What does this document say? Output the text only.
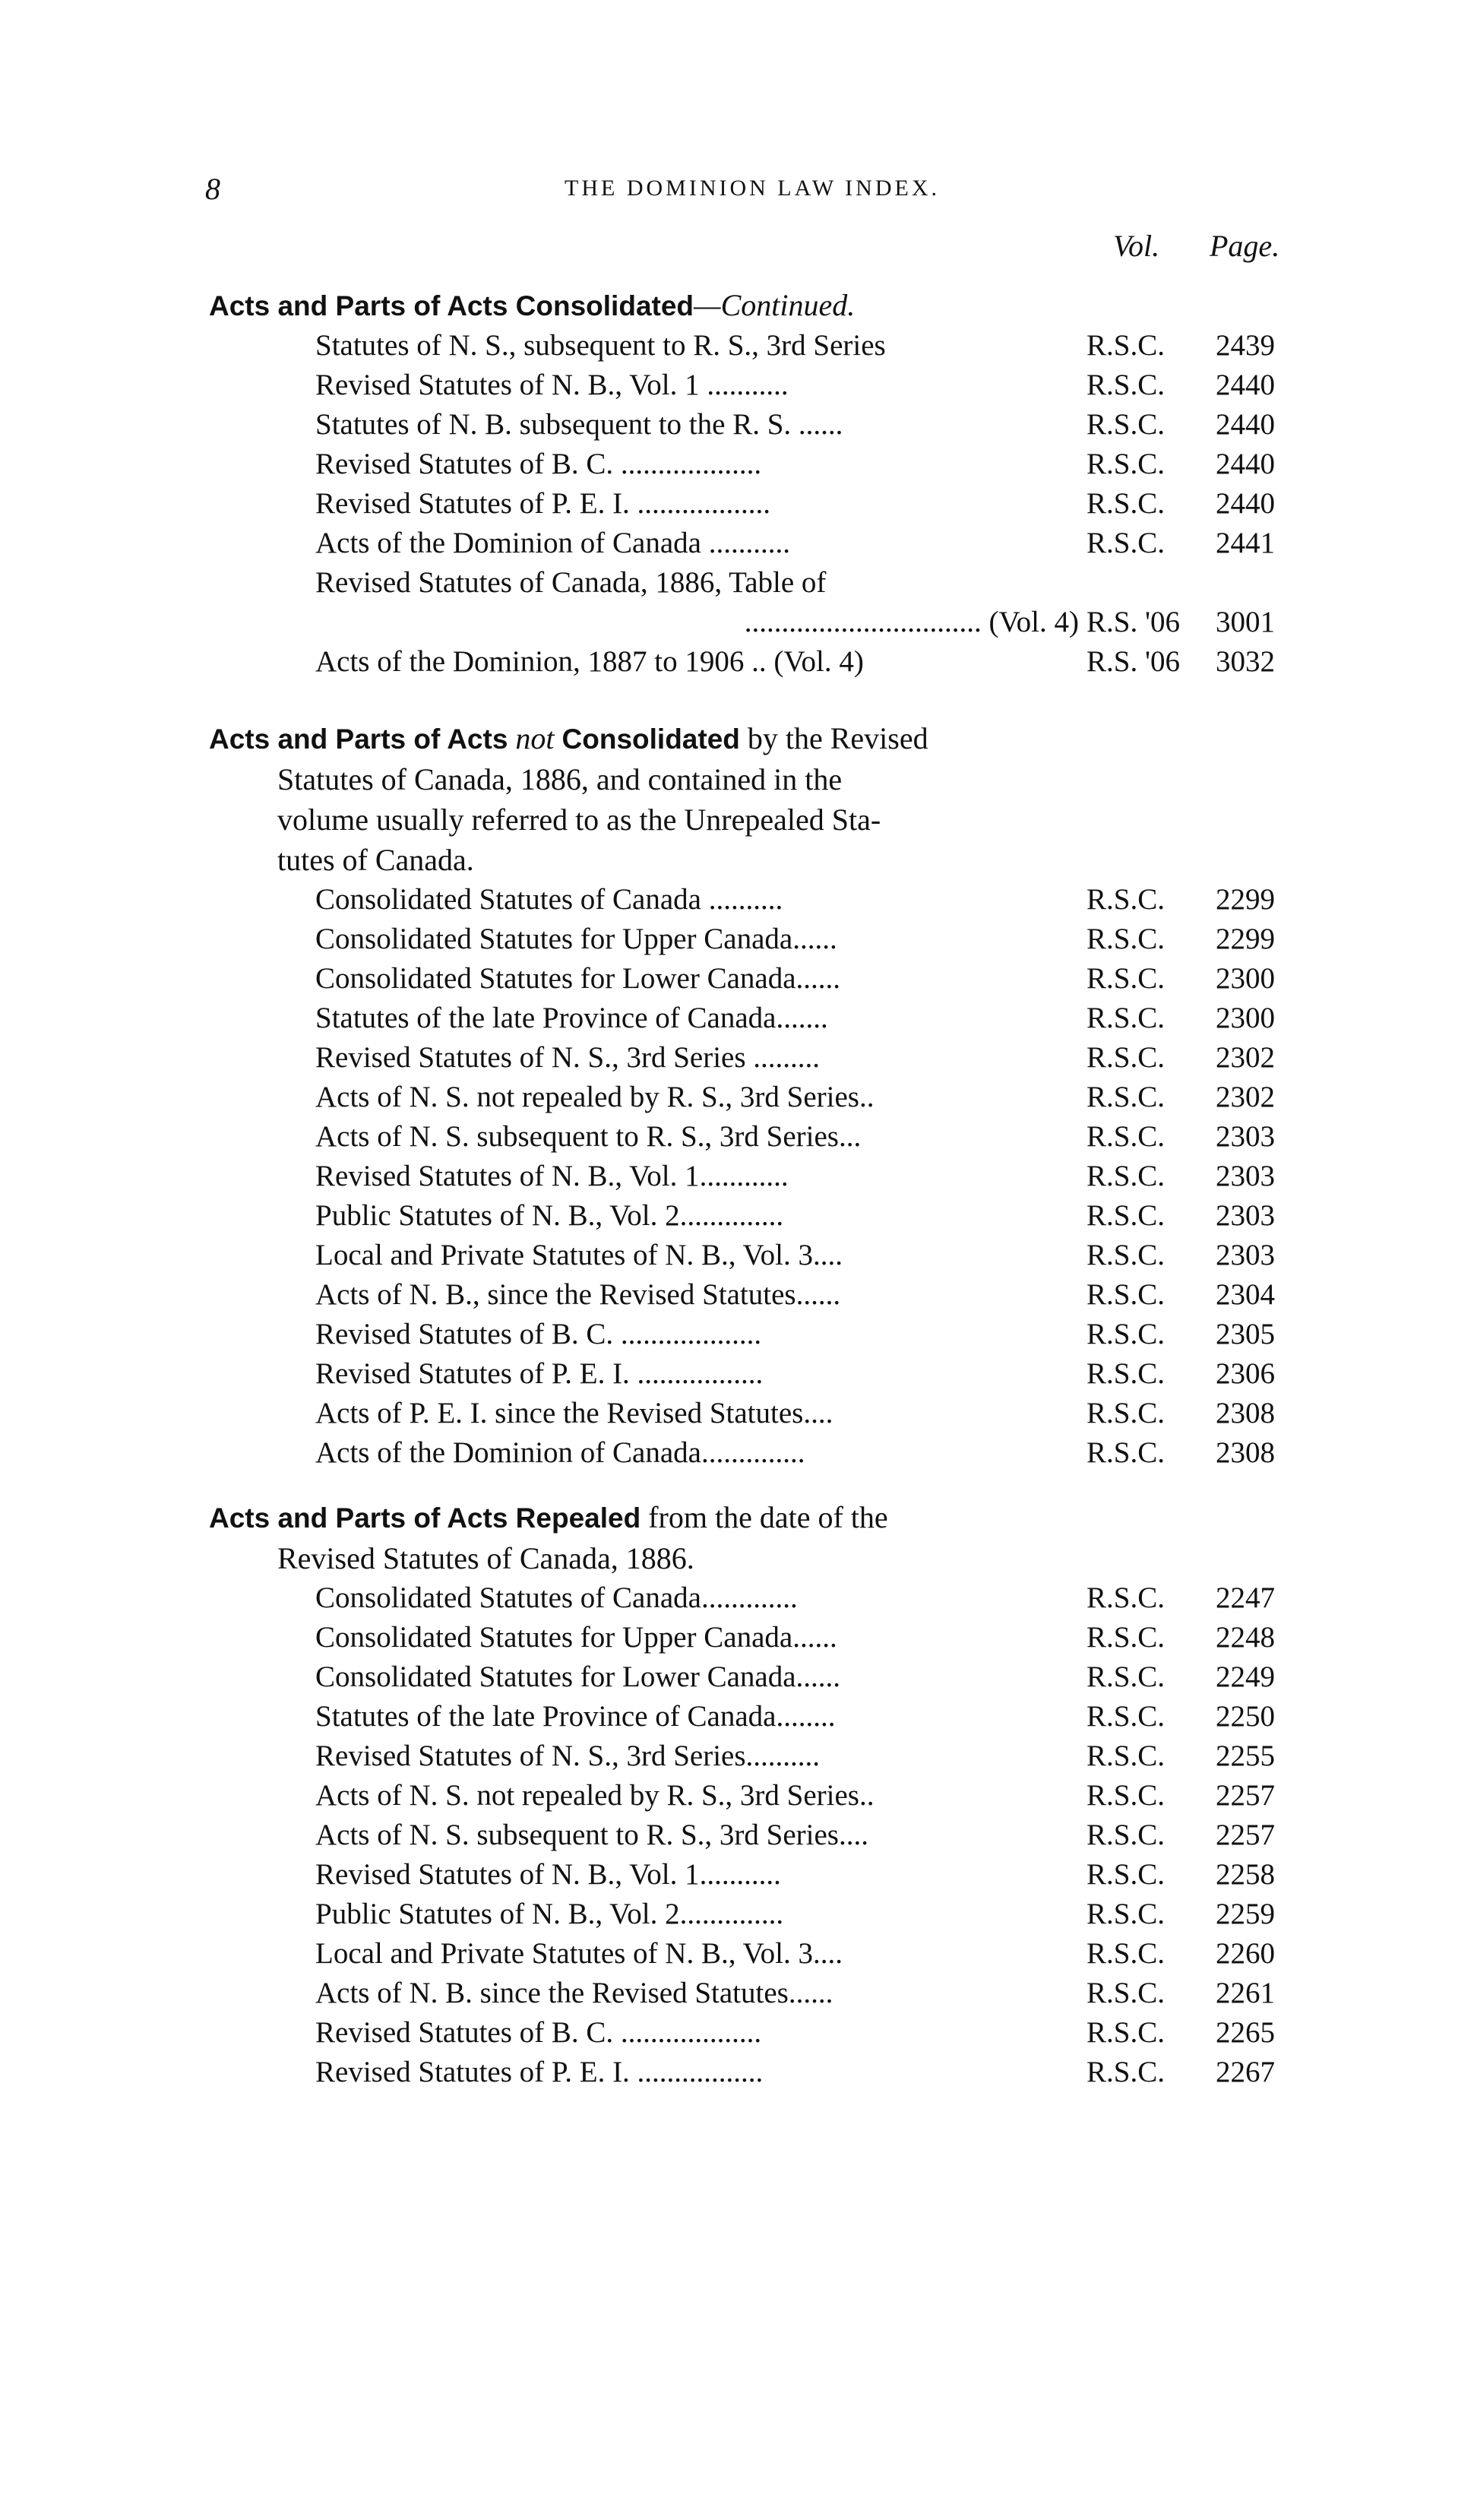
8	THE DOMINION LAW INDEX.
Vol. Page.
Acts and Parts of Acts Consolidated—Continued.
Statutes of N. S., subsequent to R. S., 3rd Series	R.S.C.	2439
Revised Statutes of N. B., Vol. 1 ...........	R.S.C.	2440
Statutes of N. B. subsequent to the R. S. ......	R.S.C.	2440
Revised Statutes of B. C. ...................	R.S.C.	2440
Revised Statutes of P. E. I. ..................	R.S.C.	2440
Acts of the Dominion of Canada ...........	R.S.C.	2441
Revised Statutes of Canada, 1886, Table of
................................ (Vol. 4) R.S. '06	3001
Acts of the Dominion, 1887 to 1906 .. (Vol. 4)	R.S. '06	3032
Acts and Parts of Acts not Consolidated by the Revised
Statutes of Canada, 1886, and contained in the
volume usually referred to as the Unrepealed Sta-
tutes of Canada.
Consolidated Statutes of Canada ..........	R.S.C.	2299
Consolidated Statutes for Upper Canada......	R.S.C.	2299
Consolidated Statutes for Lower Canada......	R.S.C.	2300
Statutes of the late Province of Canada.......	R.S.C.	2300
Revised Statutes of N. S., 3rd Series .........	R.S.C.	2302
Acts of N. S. not repealed by R. S., 3rd Series..	R.S.C.	2302
Acts of N. S. subsequent to R. S., 3rd Series...	R.S.C.	2303
Revised Statutes of N. B., Vol. 1............	R.S.C.	2303
Public Statutes of N. B., Vol. 2..............	R.S.C.	2303
Local and Private Statutes of N. B., Vol. 3....	R.S.C.	2303
Acts of N. B., since the Revised Statutes......	R.S.C.	2304
Revised Statutes of B. C. ...................	R.S.C.	2305
Revised Statutes of P. E. I. .................	R.S.C.	2306
Acts of P. E. I. since the Revised Statutes....	R.S.C.	2308
Acts of the Dominion of Canada..............	R.S.C.	2308
Acts and Parts of Acts Repealed from the date of the
Revised Statutes of Canada, 1886.
Consolidated Statutes of Canada.............	R.S.C.	2247
Consolidated Statutes for Upper Canada......	R.S.C.	2248
Consolidated Statutes for Lower Canada......	R.S.C.	2249
Statutes of the late Province of Canada........	R.S.C.	2250
Revised Statutes of N. S., 3rd Series..........	R.S.C.	2255
Acts of N. S. not repealed by R. S., 3rd Series..	R.S.C.	2257
Acts of N. S. subsequent to R. S., 3rd Series....	R.S.C.	2257
Revised Statutes of N. B., Vol. 1...........	R.S.C.	2258
Public Statutes of N. B., Vol. 2..............	R.S.C.	2259
Local and Private Statutes of N. B., Vol. 3....	R.S.C.	2260
Acts of N. B. since the Revised Statutes......	R.S.C.	2261
Revised Statutes of B. C. ...................	R.S.C.	2265
Revised Statutes of P. E. I. .................	R.S.C.	2267
